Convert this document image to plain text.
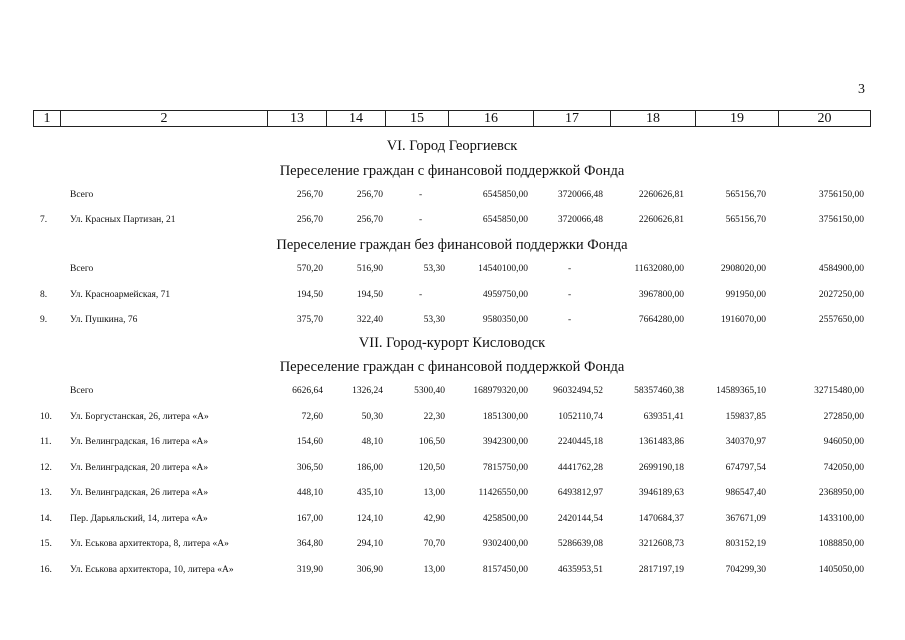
3
1	2	13	14	15	16	17	18	19	20
VI. Город Георгиевск
Переселение граждан с финансовой поддержкой Фонда
Всего	256,70	256,70	-	6545850,00	3720066,48	2260626,81	565156,70	3756150,00
7.	Ул. Красных Партизан, 21	256,70	256,70	-	6545850,00	3720066,48	2260626,81	565156,70	3756150,00
Переселение граждан без финансовой поддержки Фонда
Всего	570,20	516,90	53,30	14540100,00	-	11632080,00	2908020,00	4584900,00
8.	Ул. Красноармейская, 71	194,50	194,50	-	4959750,00	-	3967800,00	991950,00	2027250,00
9.	Ул. Пушкина, 76	375,70	322,40	53,30	9580350,00	-	7664280,00	1916070,00	2557650,00
VII. Город-курорт Кисловодск
Переселение граждан с финансовой поддержкой Фонда
Всего	6626,64	1326,24	5300,40	168979320,00	96032494,52	58357460,38	14589365,10	32715480,00
10.	Ул. Боргустанская, 26, литера «А»	72,60	50,30	22,30	1851300,00	1052110,74	639351,41	159837,85	272850,00
11.	Ул. Велинградская, 16 литера «А»	154,60	48,10	106,50	3942300,00	2240445,18	1361483,86	340370,97	946050,00
12.	Ул. Велинградская, 20 литера «А»	306,50	186,00	120,50	7815750,00	4441762,28	2699190,18	674797,54	742050,00
13.	Ул. Велинградская, 26 литера «А»	448,10	435,10	13,00	11426550,00	6493812,97	3946189,63	986547,40	2368950,00
14.	Пер. Дарьяльский, 14, литера «А»	167,00	124,10	42,90	4258500,00	2420144,54	1470684,37	367671,09	1433100,00
15.	Ул. Еськова архитектора, 8, литера «А»	364,80	294,10	70,70	9302400,00	5286639,08	3212608,73	803152,19	1088850,00
16.	Ул. Еськова архитектора, 10, литера «А»	319,90	306,90	13,00	8157450,00	4635953,51	2817197,19	704299,30	1405050,00
